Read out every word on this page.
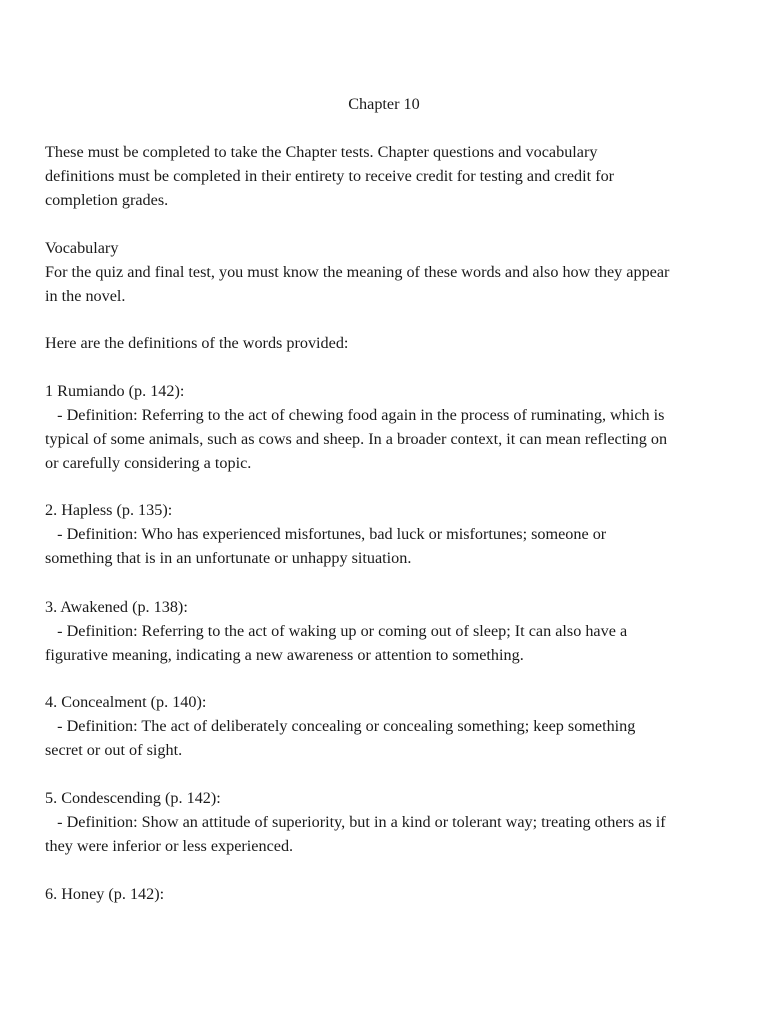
Chapter 10
These must be completed to take the Chapter tests. Chapter questions and vocabulary
definitions must be completed in their entirety to receive credit for testing and credit for
completion grades.
Vocabulary
For the quiz and final test, you must know the meaning of these words and also how they appear
in the novel.
Here are the definitions of the words provided:
1 Rumiando (p. 142):
- Definition: Referring to the act of chewing food again in the process of ruminating, which is
typical of some animals, such as cows and sheep. In a broader context, it can mean reflecting on
or carefully considering a topic.
2. Hapless (p. 135):
- Definition: Who has experienced misfortunes, bad luck or misfortunes; someone or
something that is in an unfortunate or unhappy situation.
3. Awakened (p. 138):
- Definition: Referring to the act of waking up or coming out of sleep; It can also have a
figurative meaning, indicating a new awareness or attention to something.
4. Concealment (p. 140):
- Definition: The act of deliberately concealing or concealing something; keep something
secret or out of sight.
5. Condescending (p. 142):
- Definition: Show an attitude of superiority, but in a kind or tolerant way; treating others as if
they were inferior or less experienced.
6. Honey (p. 142):
